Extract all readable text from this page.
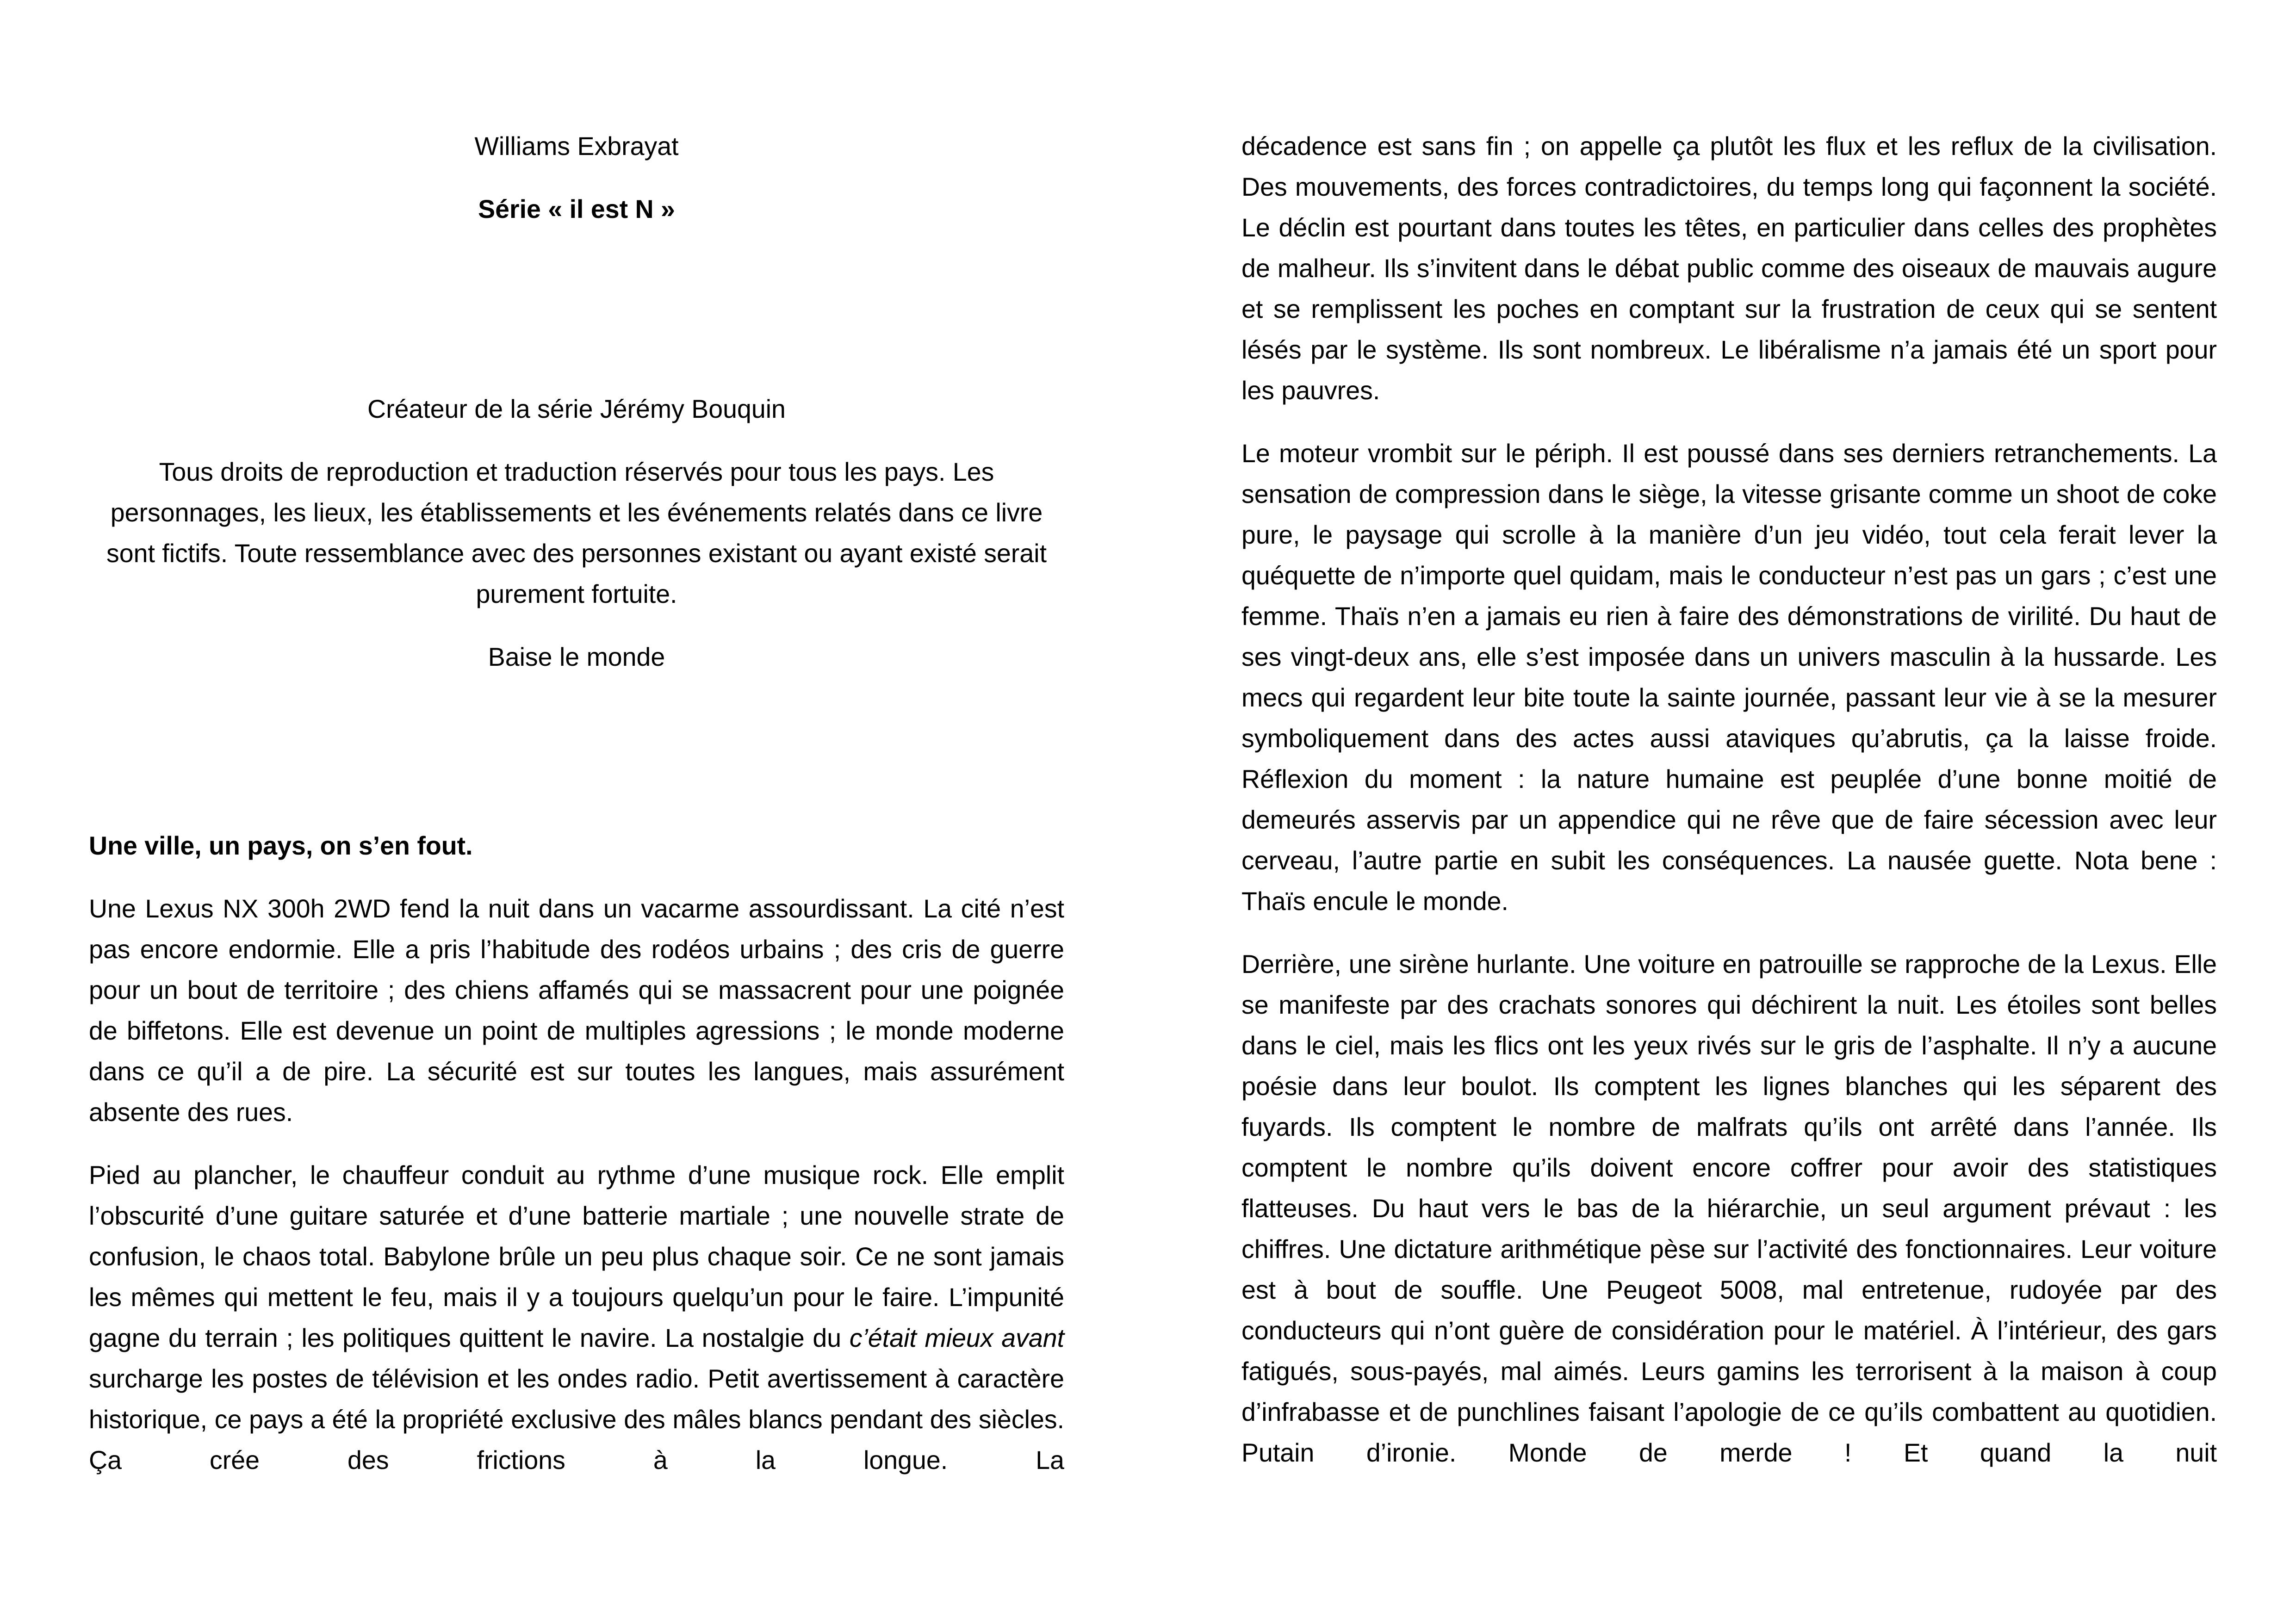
Williams Exbrayat

Série « il est N »

Créateur de la série Jérémy Bouquin

Tous droits de reproduction et traduction réservés pour tous les pays. Les personnages, les lieux, les établissements et les événements relatés dans ce livre sont fictifs. Toute ressemblance avec des personnes existant ou ayant existé serait purement fortuite.

Baise le monde

Une ville, un pays, on s’en fout.

Une Lexus NX 300h 2WD fend la nuit dans un vacarme assourdissant. La cité n’est pas encore endormie. Elle a pris l’habitude des rodéos urbains ; des cris de guerre pour un bout de territoire ; des chiens affamés qui se massacrent pour une poignée de biffetons. Elle est devenue un point de multiples agressions ; le monde moderne dans ce qu’il a de pire. La sécurité est sur toutes les langues, mais assurément absente des rues.

Pied au plancher, le chauffeur conduit au rythme d’une musique rock. Elle emplit l’obscurité d’une guitare saturée et d’une batterie martiale ; une nouvelle strate de confusion, le chaos total. Babylone brûle un peu plus chaque soir. Ce ne sont jamais les mêmes qui mettent le feu, mais il y a toujours quelqu’un pour le faire. L’impunité gagne du terrain ; les politiques quittent le navire. La nostalgie du c’était mieux avant surcharge les postes de télévision et les ondes radio. Petit avertissement à caractère historique, ce pays a été la propriété exclusive des mâles blancs pendant des siècles. Ça crée des frictions à la longue. La

décadence est sans fin ; on appelle ça plutôt les flux et les reflux de la civilisation. Des mouvements, des forces contradictoires, du temps long qui façonnent la société. Le déclin est pourtant dans toutes les têtes, en particulier dans celles des prophètes de malheur. Ils s’invitent dans le débat public comme des oiseaux de mauvais augure et se remplissent les poches en comptant sur la frustration de ceux qui se sentent lésés par le système. Ils sont nombreux. Le libéralisme n’a jamais été un sport pour les pauvres.

Le moteur vrombit sur le périph. Il est poussé dans ses derniers retranchements. La sensation de compression dans le siège, la vitesse grisante comme un shoot de coke pure, le paysage qui scrolle à la manière d’un jeu vidéo, tout cela ferait lever la quéquette de n’importe quel quidam, mais le conducteur n’est pas un gars ; c’est une femme. Thaïs n’en a jamais eu rien à faire des démonstrations de virilité. Du haut de ses vingt-deux ans, elle s’est imposée dans un univers masculin à la hussarde. Les mecs qui regardent leur bite toute la sainte journée, passant leur vie à se la mesurer symboliquement dans des actes aussi ataviques qu’abrutis, ça la laisse froide. Réflexion du moment : la nature humaine est peuplée d’une bonne moitié de demeurés asservis par un appendice qui ne rêve que de faire sécession avec leur cerveau, l’autre partie en subit les conséquences. La nausée guette. Nota bene : Thaïs encule le monde.

Derrière, une sirène hurlante. Une voiture en patrouille se rapproche de la Lexus. Elle se manifeste par des crachats sonores qui déchirent la nuit. Les étoiles sont belles dans le ciel, mais les flics ont les yeux rivés sur le gris de l’asphalte. Il n’y a aucune poésie dans leur boulot. Ils comptent les lignes blanches qui les séparent des fuyards. Ils comptent le nombre de malfrats qu’ils ont arrêté dans l’année. Ils comptent le nombre qu’ils doivent encore coffrer pour avoir des statistiques flatteuses. Du haut vers le bas de la hiérarchie, un seul argument prévaut : les chiffres. Une dictature arithmétique pèse sur l’activité des fonctionnaires. Leur voiture est à bout de souffle. Une Peugeot 5008, mal entretenue, rudoyée par des conducteurs qui n’ont guère de considération pour le matériel. À l’intérieur, des gars fatigués, sous-payés, mal aimés. Leurs gamins les terrorisent à la maison à coup d’infrabasse et de punchlines faisant l’apologie de ce qu’ils combattent au quotidien. Putain d’ironie. Monde de merde ! Et quand la nuit
